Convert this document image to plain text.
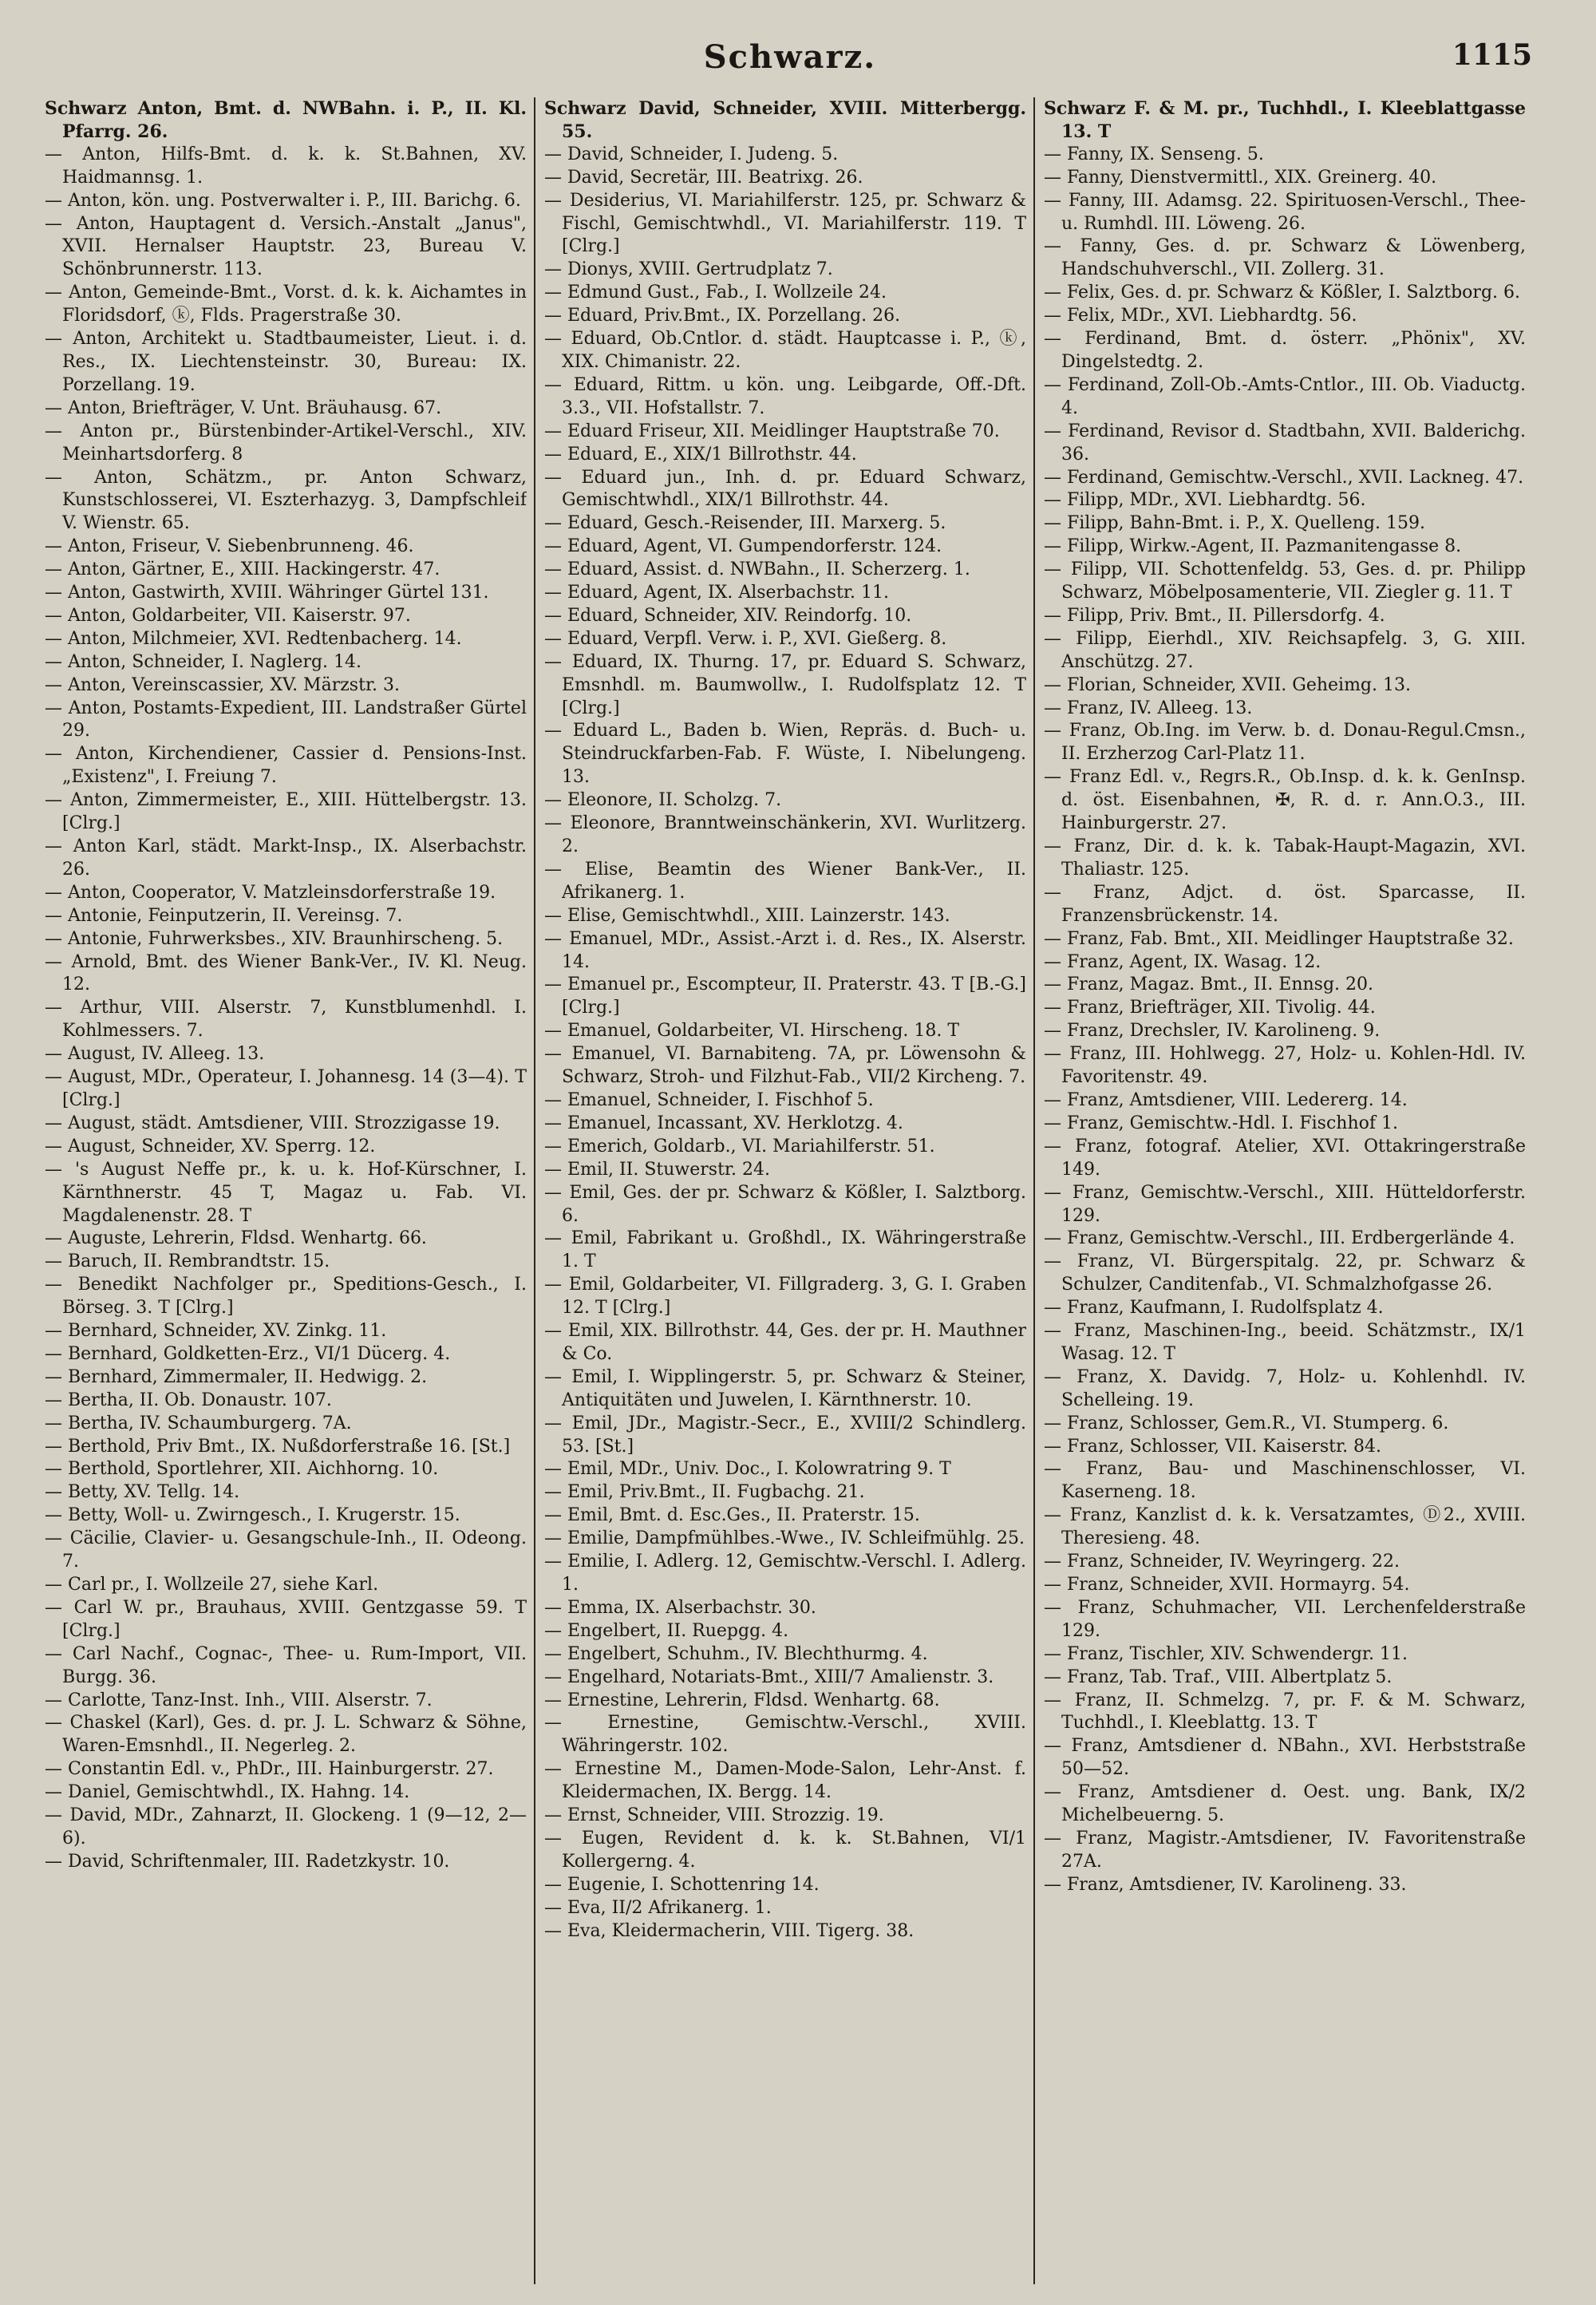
Schwarz.	1115

Schwarz Anton, Bmt. d. NWBahn. i. P., II. Kl. Pfarrg. 26.

— Anton, Hilfs-Bmt. d. k. k. St.Bahnen, XV. Haidmannsg. 1.

— Anton, kön. ung. Postverwalter i. P., III. Barichg. 6.

— Anton, Hauptagent d. Versich.-Anstalt „Janus", XVII. Hernalser Hauptstr. 23, Bureau V. Schönbrunnerstr. 113.

— Anton, Gemeinde-Bmt., Vorst. d. k. k. Aichamtes in Floridsdorf, ⓚ, Flds. Pragerstraße 30.

— Anton, Architekt u. Stadtbaumeister, Lieut. i. d. Res., IX. Liechtensteinstr. 30, Bureau: IX. Porzellang. 19.

— Anton, Briefträger, V. Unt. Bräuhausg. 67.

— Anton pr., Bürstenbinder-Artikel-Verschl., XIV. Meinhartsdorferg. 8

— Anton, Schätzm., pr. Anton Schwarz, Kunstschlosserei, VI. Eszterhazyg. 3, Dampfschleif V. Wienstr. 65.

— Anton, Friseur, V. Siebenbrunneng. 46.

— Anton, Gärtner, E., XIII. Hackingerstr. 47.

— Anton, Gastwirth, XVIII. Währinger Gürtel 131.

— Anton, Goldarbeiter, VII. Kaiserstr. 97.

— Anton, Milchmeier, XVI. Redtenbacherg. 14.

— Anton, Schneider, I. Naglerg. 14.

— Anton, Vereinscassier, XV. Märzstr. 3.

— Anton, Postamts-Expedient, III. Landstraßer Gürtel 29.

— Anton, Kirchendiener, Cassier d. Pensions-Inst. „Existenz", I. Freiung 7.

— Anton, Zimmermeister, E., XIII. Hüttelbergstr. 13. [Clrg.]

— Anton Karl, städt. Markt-Insp., IX. Alserbachstr. 26.

— Anton, Cooperator, V. Matzleinsdorferstraße 19.

— Antonie, Feinputzerin, II. Vereinsg. 7.

— Antonie, Fuhrwerksbes., XIV. Braunhirscheng. 5.

— Arnold, Bmt. des Wiener Bank-Ver., IV. Kl. Neug. 12.

— Arthur, VIII. Alserstr. 7, Kunstblumenhdl. I. Kohlmessers. 7.

— August, IV. Alleeg. 13.

— August, MDr., Operateur, I. Johannesg. 14 (3—4). T [Clrg.]

— August, städt. Amtsdiener, VIII. Strozzigasse 19.

— August, Schneider, XV. Sperrg. 12.

— 's August Neffe pr., k. u. k. Hof-Kürschner, I. Kärnthnerstr. 45 T, Magaz u. Fab. VI. Magdalenenstr. 28. T

— Auguste, Lehrerin, Fldsd. Wenhartg. 66.

— Baruch, II. Rembrandtstr. 15.

— Benedikt Nachfolger pr., Speditions-Gesch., I. Börseg. 3. T [Clrg.]

— Bernhard, Schneider, XV. Zinkg. 11.

— Bernhard, Goldketten-Erz., VI/1 Dücerg. 4.

— Bernhard, Zimmermaler, II. Hedwigg. 2.

— Bertha, II. Ob. Donaustr. 107.

— Bertha, IV. Schaumburgerg. 7A.

— Berthold, Priv Bmt., IX. Nußdorferstraße 16. [St.]

— Berthold, Sportlehrer, XII. Aichhorng. 10.

— Betty, XV. Tellg. 14.

— Betty, Woll- u. Zwirngesch., I. Krugerstr. 15.

— Cäcilie, Clavier- u. Gesangschule-Inh., II. Odeong. 7.

— Carl pr., I. Wollzeile 27, siehe Karl.

— Carl W. pr., Brauhaus, XVIII. Gentzgasse 59. T [Clrg.]

— Carl Nachf., Cognac-, Thee- u. Rum-Import, VII. Burgg. 36.

— Carlotte, Tanz-Inst. Inh., VIII. Alserstr. 7.

— Chaskel (Karl), Ges. d. pr. J. L. Schwarz & Söhne, Waren-Emsnhdl., II. Negerleg. 2.

— Constantin Edl. v., PhDr., III. Hainburgerstr. 27.

— Daniel, Gemischtwhdl., IX. Hahng. 14.

— David, MDr., Zahnarzt, II. Glockeng. 1 (9—12, 2—6).

— David, Schriftenmaler, III. Radetzkystr. 10.

Schwarz David, Schneider, XVIII. Mitterbergg. 55.

— David, Schneider, I. Judeng. 5.

— David, Secretär, III. Beatrixg. 26.

— Desiderius, VI. Mariahilferstr. 125, pr. Schwarz & Fischl, Gemischtwhdl., VI. Mariahilferstr. 119. T [Clrg.]

— Dionys, XVIII. Gertrudplatz 7.

— Edmund Gust., Fab., I. Wollzeile 24.

— Eduard, Priv.Bmt., IX. Porzellang. 26.

— Eduard, Ob.Cntlor. d. städt. Hauptcasse i. P., ⓚ, XIX. Chimanistr. 22.

— Eduard, Rittm. u kön. ung. Leibgarde, Off.-Dft. 3.3., VII. Hofstallstr. 7.

— Eduard Friseur, XII. Meidlinger Hauptstraße 70.

— Eduard, E., XIX/1 Billrothstr. 44.

— Eduard jun., Inh. d. pr. Eduard Schwarz, Gemischtwhdl., XIX/1 Billrothstr. 44.

— Eduard, Gesch.-Reisender, III. Marxerg. 5.

— Eduard, Agent, VI. Gumpendorferstr. 124.

— Eduard, Assist. d. NWBahn., II. Scherzerg. 1.

— Eduard, Agent, IX. Alserbachstr. 11.

— Eduard, Schneider, XIV. Reindorfg. 10.

— Eduard, Verpfl. Verw. i. P., XVI. Gießerg. 8.

— Eduard, IX. Thurng. 17, pr. Eduard S. Schwarz, Emsnhdl. m. Baumwollw., I. Rudolfsplatz 12. T [Clrg.]

— Eduard L., Baden b. Wien, Repräs. d. Buch- u. Steindruckfarben-Fab. F. Wüste, I. Nibelungeng. 13.

— Eleonore, II. Scholzg. 7.

— Eleonore, Branntweinschänkerin, XVI. Wurlitzerg. 2.

— Elise, Beamtin des Wiener Bank-Ver., II. Afrikanerg. 1.

— Elise, Gemischtwhdl., XIII. Lainzerstr. 143.

— Emanuel, MDr., Assist.-Arzt i. d. Res., IX. Alserstr. 14.

— Emanuel pr., Escompteur, II. Praterstr. 43. T [B.-G.] [Clrg.]

— Emanuel, Goldarbeiter, VI. Hirscheng. 18. T

— Emanuel, VI. Barnabiteng. 7A, pr. Löwensohn & Schwarz, Stroh- und Filzhut-Fab., VII/2 Kircheng. 7.

— Emanuel, Schneider, I. Fischhof 5.

— Emanuel, Incassant, XV. Herklotzg. 4.

— Emerich, Goldarb., VI. Mariahilferstr. 51.

— Emil, II. Stuwerstr. 24.

— Emil, Ges. der pr. Schwarz & Kößler, I. Salztborg. 6.

— Emil, Fabrikant u. Großhdl., IX. Währingerstraße 1. T

— Emil, Goldarbeiter, VI. Fillgraderg. 3, G. I. Graben 12. T [Clrg.]

— Emil, XIX. Billrothstr. 44, Ges. der pr. H. Mauthner & Co.

— Emil, I. Wipplingerstr. 5, pr. Schwarz & Steiner, Antiquitäten und Juwelen, I. Kärnthnerstr. 10.

— Emil, JDr., Magistr.-Secr., E., XVIII/2 Schindlerg. 53. [St.]

— Emil, MDr., Univ. Doc., I. Kolowratring 9. T

— Emil, Priv.Bmt., II. Fugbachg. 21.

— Emil, Bmt. d. Esc.Ges., II. Praterstr. 15.

— Emilie, Dampfmühlbes.-Wwe., IV. Schleifmühlg. 25.

— Emilie, I. Adlerg. 12, Gemischtw.-Verschl. I. Adlerg. 1.

— Emma, IX. Alserbachstr. 30.

— Engelbert, II. Ruepgg. 4.

— Engelbert, Schuhm., IV. Blechthurmg. 4.

— Engelhard, Notariats-Bmt., XIII/7 Amalienstr. 3.

— Ernestine, Lehrerin, Fldsd. Wenhartg. 68.

— Ernestine, Gemischtw.-Verschl., XVIII. Währingerstr. 102.

— Ernestine M., Damen-Mode-Salon, Lehr-Anst. f. Kleidermachen, IX. Bergg. 14.

— Ernst, Schneider, VIII. Strozzig. 19.

— Eugen, Revident d. k. k. St.Bahnen, VI/1 Kollergerng. 4.

— Eugenie, I. Schottenring 14.

— Eva, II/2 Afrikanerg. 1.

— Eva, Kleidermacherin, VIII. Tigerg. 38.

Schwarz F. & M. pr., Tuchhdl., I. Kleeblattgasse 13. T

— Fanny, IX. Senseng. 5.

— Fanny, Dienstvermittl., XIX. Greinerg. 40.

— Fanny, III. Adamsg. 22. Spirituosen-Verschl., Thee- u. Rumhdl. III. Löweng. 26.

— Fanny, Ges. d. pr. Schwarz & Löwenberg, Handschuhverschl., VII. Zollerg. 31.

— Felix, Ges. d. pr. Schwarz & Kößler, I. Salztborg. 6.

— Felix, MDr., XVI. Liebhardtg. 56.

— Ferdinand, Bmt. d. österr. „Phönix", XV. Dingelstedtg. 2.

— Ferdinand, Zoll-Ob.-Amts-Cntlor., III. Ob. Viaductg. 4.

— Ferdinand, Revisor d. Stadtbahn, XVII. Balderichg. 36.

— Ferdinand, Gemischtw.-Verschl., XVII. Lackneg. 47.

— Filipp, MDr., XVI. Liebhardtg. 56.

— Filipp, Bahn-Bmt. i. P., X. Quelleng. 159.

— Filipp, Wirkw.-Agent, II. Pazmanitengasse 8.

— Filipp, VII. Schottenfeldg. 53, Ges. d. pr. Philipp Schwarz, Möbelposamenterie, VII. Ziegler g. 11. T

— Filipp, Priv. Bmt., II. Pillersdorfg. 4.

— Filipp, Eierhdl., XIV. Reichsapfelg. 3, G. XIII. Anschützg. 27.

— Florian, Schneider, XVII. Geheimg. 13.

— Franz, IV. Alleeg. 13.

— Franz, Ob.Ing. im Verw. b. d. Donau-Regul.Cmsn., II. Erzherzog Carl-Platz 11.

— Franz Edl. v., Regrs.R., Ob.Insp. d. k. k. GenInsp. d. öst. Eisenbahnen, ✠, R. d. r. Ann.O.3., III. Hainburgerstr. 27.

— Franz, Dir. d. k. k. Tabak-Haupt-Magazin, XVI. Thaliastr. 125.

— Franz, Adjct. d. öst. Sparcasse, II. Franzensbrückenstr. 14.

— Franz, Fab. Bmt., XII. Meidlinger Hauptstraße 32.

— Franz, Agent, IX. Wasag. 12.

— Franz, Magaz. Bmt., II. Ennsg. 20.

— Franz, Briefträger, XII. Tivolig. 44.

— Franz, Drechsler, IV. Karolineng. 9.

— Franz, III. Hohlwegg. 27, Holz- u. Kohlen-Hdl. IV. Favoritenstr. 49.

— Franz, Amtsdiener, VIII. Ledererg. 14.

— Franz, Gemischtw.-Hdl. I. Fischhof 1.

— Franz, fotograf. Atelier, XVI. Ottakringerstraße 149.

— Franz, Gemischtw.-Verschl., XIII. Hütteldorferstr. 129.

— Franz, Gemischtw.-Verschl., III. Erdbergerlände 4.

— Franz, VI. Bürgerspitalg. 22, pr. Schwarz & Schulzer, Canditenfab., VI. Schmalzhofgasse 26.

— Franz, Kaufmann, I. Rudolfsplatz 4.

— Franz, Maschinen-Ing., beeid. Schätzmstr., IX/1 Wasag. 12. T

— Franz, X. Davidg. 7, Holz- u. Kohlenhdl. IV. Schelleing. 19.

— Franz, Schlosser, Gem.R., VI. Stumperg. 6.

— Franz, Schlosser, VII. Kaiserstr. 84.

— Franz, Bau- und Maschinenschlosser, VI. Kaserneng. 18.

— Franz, Kanzlist d. k. k. Versatzamtes, Ⓓ2., XVIII. Theresieng. 48.

— Franz, Schneider, IV. Weyringerg. 22.

— Franz, Schneider, XVII. Hormayrg. 54.

— Franz, Schuhmacher, VII. Lerchenfelderstraße 129.

— Franz, Tischler, XIV. Schwendergr. 11.

— Franz, Tab. Traf., VIII. Albertplatz 5.

— Franz, II. Schmelzg. 7, pr. F. & M. Schwarz, Tuchhdl., I. Kleeblattg. 13. T

— Franz, Amtsdiener d. NBahn., XVI. Herbststraße 50—52.

— Franz, Amtsdiener d. Oest. ung. Bank, IX/2 Michelbeuerng. 5.

— Franz, Magistr.-Amtsdiener, IV. Favoritenstraße 27A.

— Franz, Amtsdiener, IV. Karolineng. 33.
